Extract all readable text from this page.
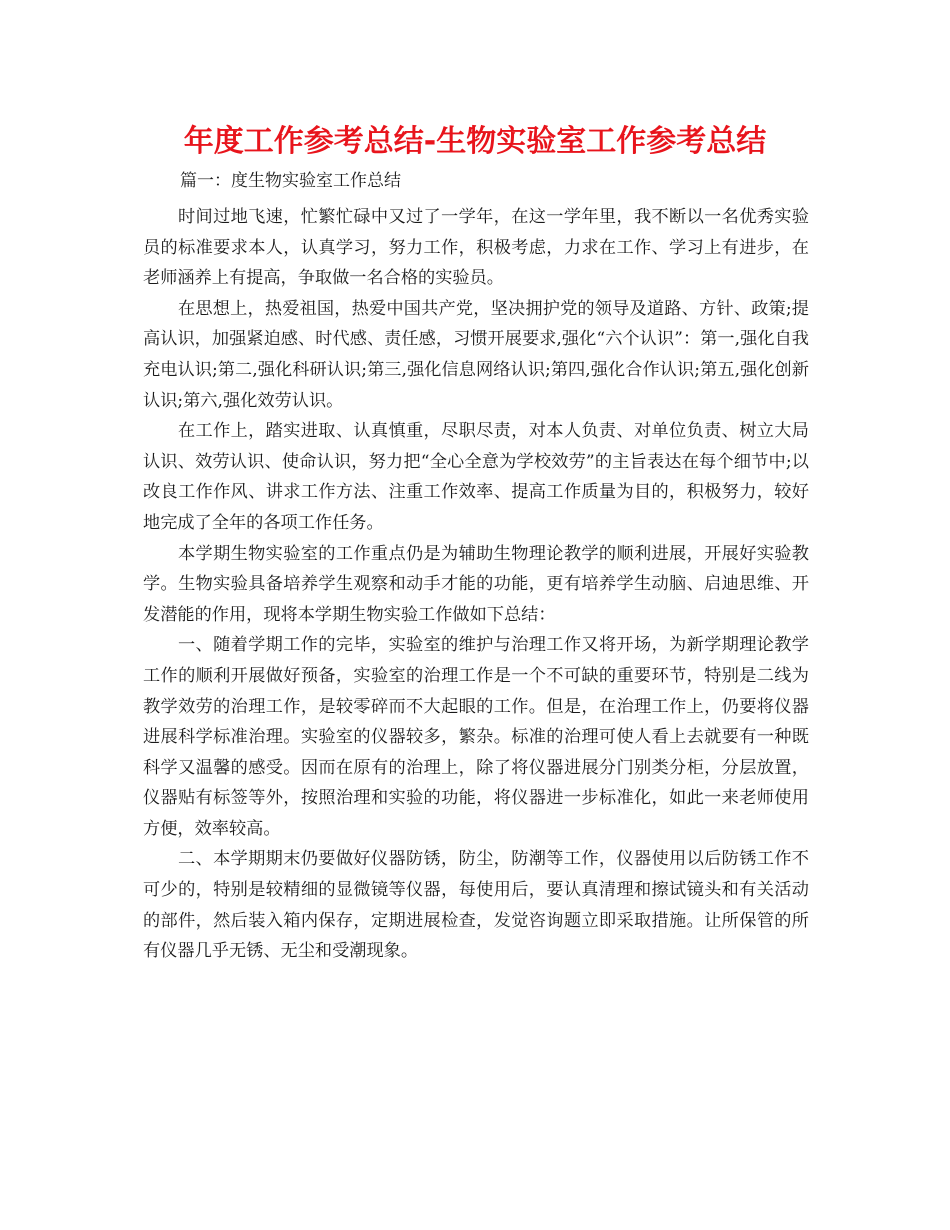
年度工作参考总结-生物实验室工作参考总结
篇一：度生物实验室工作总结

时间过地飞速，忙繁忙碌中又过了一学年，在这一学年里，我不断以一名优秀实验员的标准要求本人，认真学习，努力工作，积极考虑，力求在工作、学习上有进步，在老师涵养上有提高，争取做一名合格的实验员。

在思想上，热爱祖国，热爱中国共产党，坚决拥护党的领导及道路、方针、政策;提高认识，加强紧迫感、时代感、责任感，习惯开展要求,强化“六个认识”：第一,强化自我充电认识;第二,强化科研认识;第三,强化信息网络认识;第四,强化合作认识;第五,强化创新认识;第六,强化效劳认识。

在工作上，踏实进取、认真慎重，尽职尽责，对本人负责、对单位负责、树立大局认识、效劳认识、使命认识，努力把“全心全意为学校效劳”的主旨表达在每个细节中;以改良工作作风、讲求工作方法、注重工作效率、提高工作质量为目的，积极努力，较好地完成了全年的各项工作任务。

本学期生物实验室的工作重点仍是为辅助生物理论教学的顺利进展，开展好实验教学。生物实验具备培养学生观察和动手才能的功能，更有培养学生动脑、启迪思维、开发潜能的作用，现将本学期生物实验工作做如下总结：

一、随着学期工作的完毕，实验室的维护与治理工作又将开场，为新学期理论教学工作的顺利开展做好预备，实验室的治理工作是一个不可缺的重要环节，特别是二线为教学效劳的治理工作，是较零碎而不大起眼的工作。但是，在治理工作上，仍要将仪器进展科学标准治理。实验室的仪器较多，繁杂。标准的治理可使人看上去就要有一种既科学又温馨的感受。因而在原有的治理上，除了将仪器进展分门别类分柜，分层放置，仪器贴有标签等外，按照治理和实验的功能，将仪器进一步标准化，如此一来老师使用方便，效率较高。

二、本学期期末仍要做好仪器防锈，防尘，防潮等工作，仪器使用以后防锈工作不可少的，特别是较精细的显微镜等仪器，每使用后，要认真清理和擦试镜头和有关活动的部件，然后装入箱内保存，定期进展检查，发觉咨询题立即采取措施。让所保管的所有仪器几乎无锈、无尘和受潮现象。
